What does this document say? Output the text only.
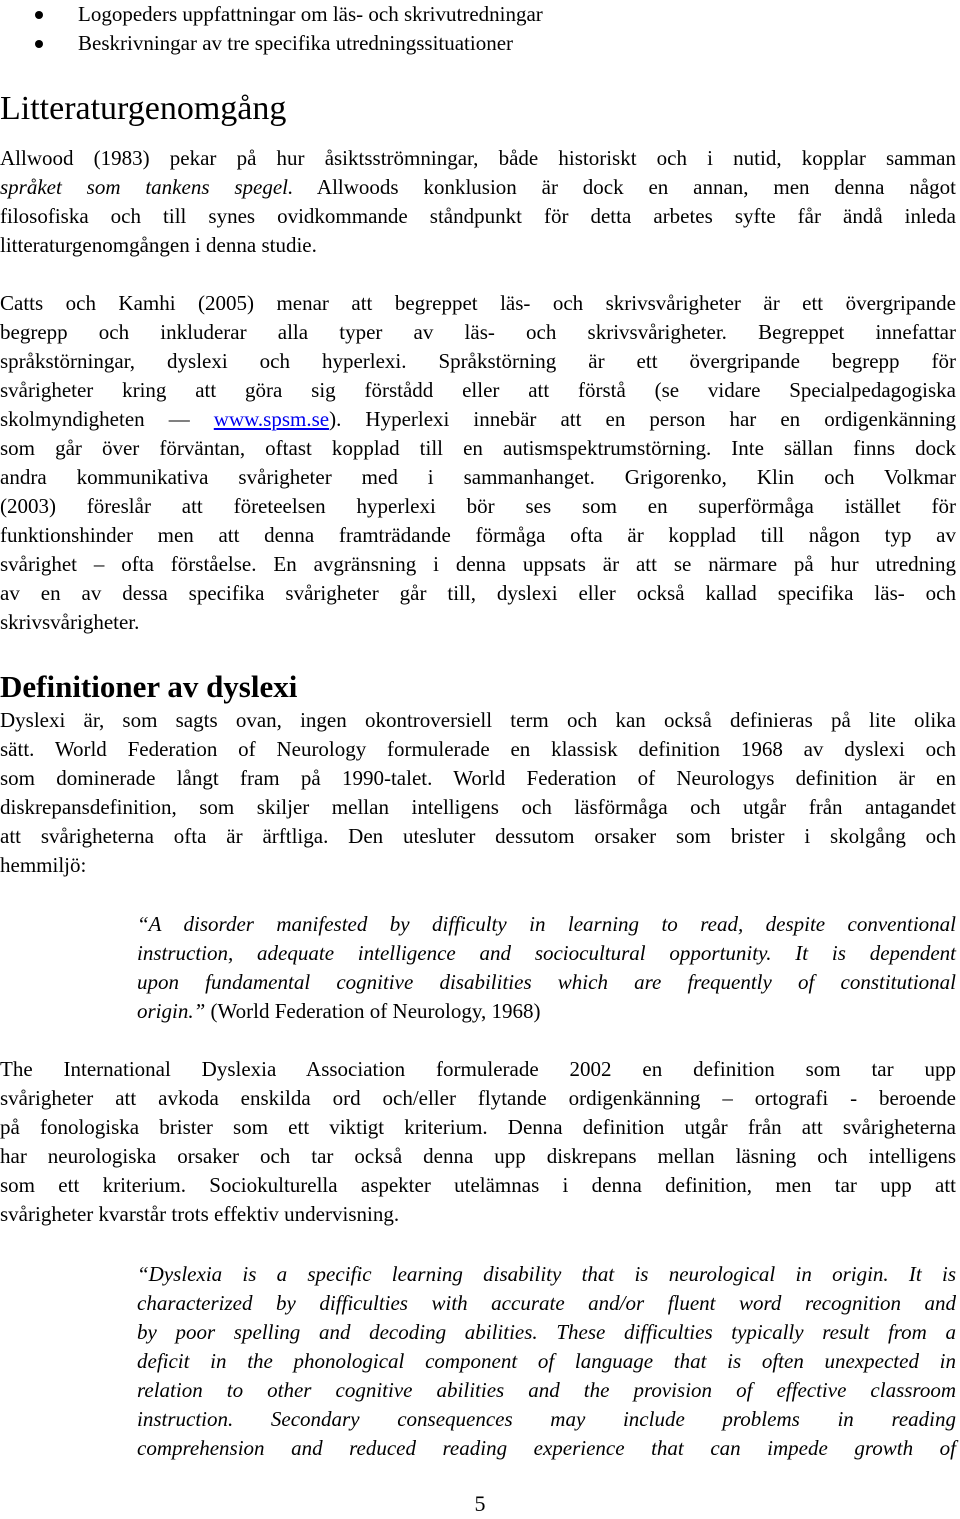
Logopeders uppfattningar om läs- och skrivutredningar
Beskrivningar av tre specifika utredningssituationer
Litteraturgenomgång
Allwood (1983) pekar på hur åsiktsströmningar, både historiskt och i nutid, kopplar samman
språket som tankens spegel. Allwoods konklusion är dock en annan, men denna något
filosofiska och till synes ovidkommande ståndpunkt för detta arbetes syfte får ändå inleda
litteraturgenomgången i denna studie.
Catts och Kamhi (2005) menar att begreppet läs- och skrivsvårigheter är ett övergripande
begrepp och inkluderar alla typer av läs- och skrivsvårigheter. Begreppet innefattar
språkstörningar, dyslexi och hyperlexi. Språkstörning är ett övergripande begrepp för
svårigheter kring att göra sig förstådd eller att förstå (se vidare Specialpedagogiska
skolmyndigheten — www.spsm.se). Hyperlexi innebär att en person har en ordigenkänning
som går över förväntan, oftast kopplad till en autismspektrumstörning. Inte sällan finns dock
andra kommunikativa svårigheter med i sammanhanget. Grigorenko, Klin och Volkmar
(2003) föreslår att företeelsen hyperlexi bör ses som en superförmåga istället för
funktionshinder men att denna framträdande förmåga ofta är kopplad till någon typ av
svårighet – ofta förståelse. En avgränsning i denna uppsats är att se närmare på hur utredning
av en av dessa specifika svårigheter går till, dyslexi eller också kallad specifika läs- och
skrivsvårigheter.
Definitioner av dyslexi
Dyslexi är, som sagts ovan, ingen okontroversiell term och kan också definieras på lite olika
sätt. World Federation of Neurology formulerade en klassisk definition 1968 av dyslexi och
som dominerade långt fram på 1990-talet. World Federation of Neurologys definition är en
diskrepansdefinition, som skiljer mellan intelligens och läsförmåga och utgår från antagandet
att svårigheterna ofta är ärftliga. Den utesluter dessutom orsaker som brister i skolgång och
hemmiljö:
“A disorder manifested by difficulty in learning to read, despite conventional
instruction, adequate intelligence and sociocultural opportunity. It is dependent
upon fundamental cognitive disabilities which are frequently of constitutional
origin.” (World Federation of Neurology, 1968)
The International Dyslexia Association formulerade 2002 en definition som tar upp
svårigheter att avkoda enskilda ord och/eller flytande ordigenkänning – ortografi - beroende
på fonologiska brister som ett viktigt kriterium. Denna definition utgår från att svårigheterna
har neurologiska orsaker och tar också denna upp diskrepans mellan läsning och intelligens
som ett kriterium. Sociokulturella aspekter utelämnas i denna definition, men tar upp att
svårigheter kvarstår trots effektiv undervisning.
“Dyslexia is a specific learning disability that is neurological in origin. It is
characterized by difficulties with accurate and/or fluent word recognition and
by poor spelling and decoding abilities. These difficulties typically result from a
deficit in the phonological component of language that is often unexpected in
relation to other cognitive abilities and the provision of effective classroom
instruction. Secondary consequences may include problems in reading
comprehension and reduced reading experience that can impede growth of
5
